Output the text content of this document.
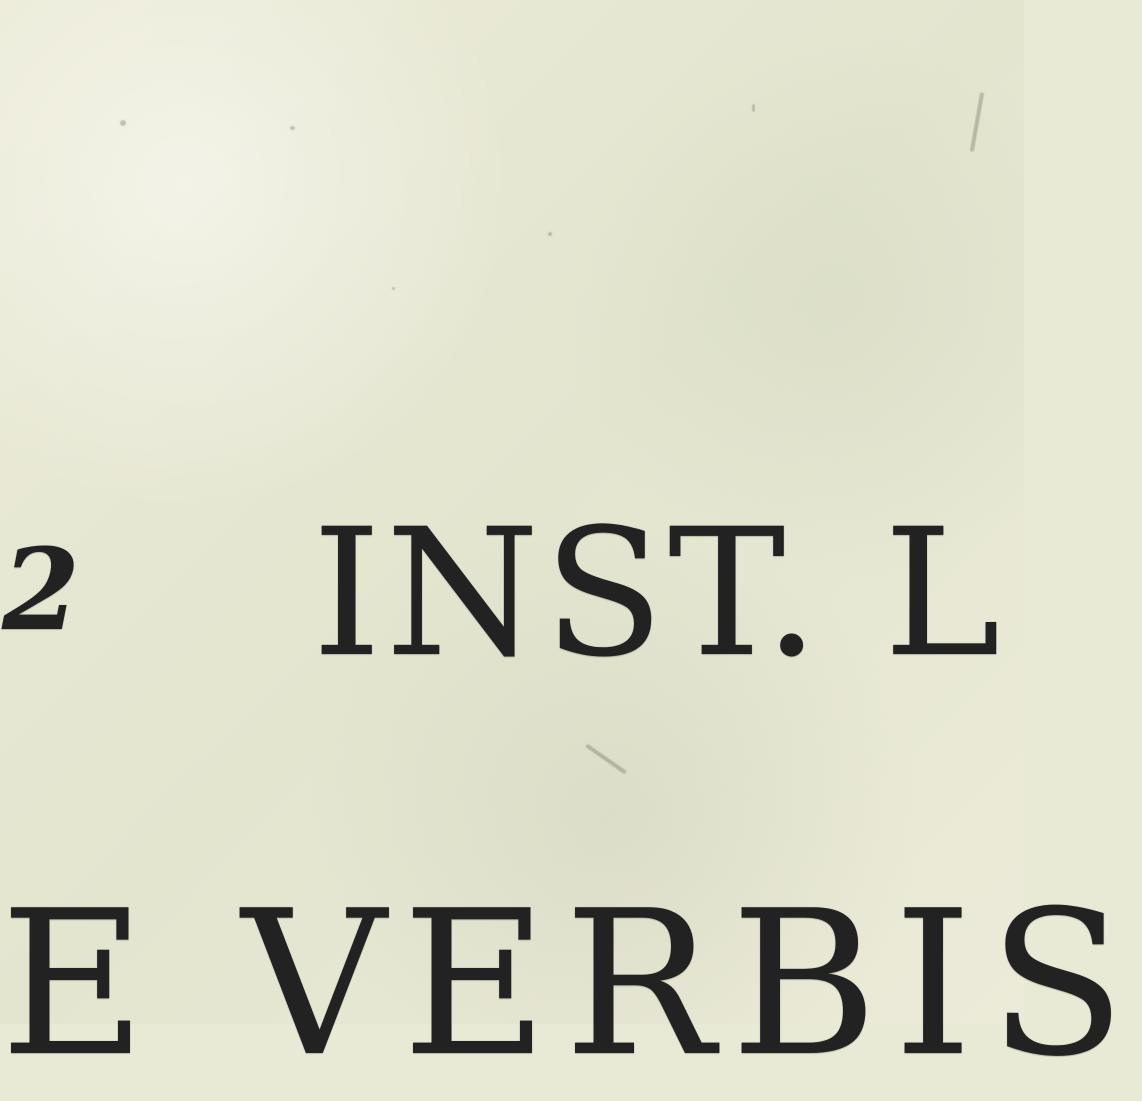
2 INST. L
E VERBIS
